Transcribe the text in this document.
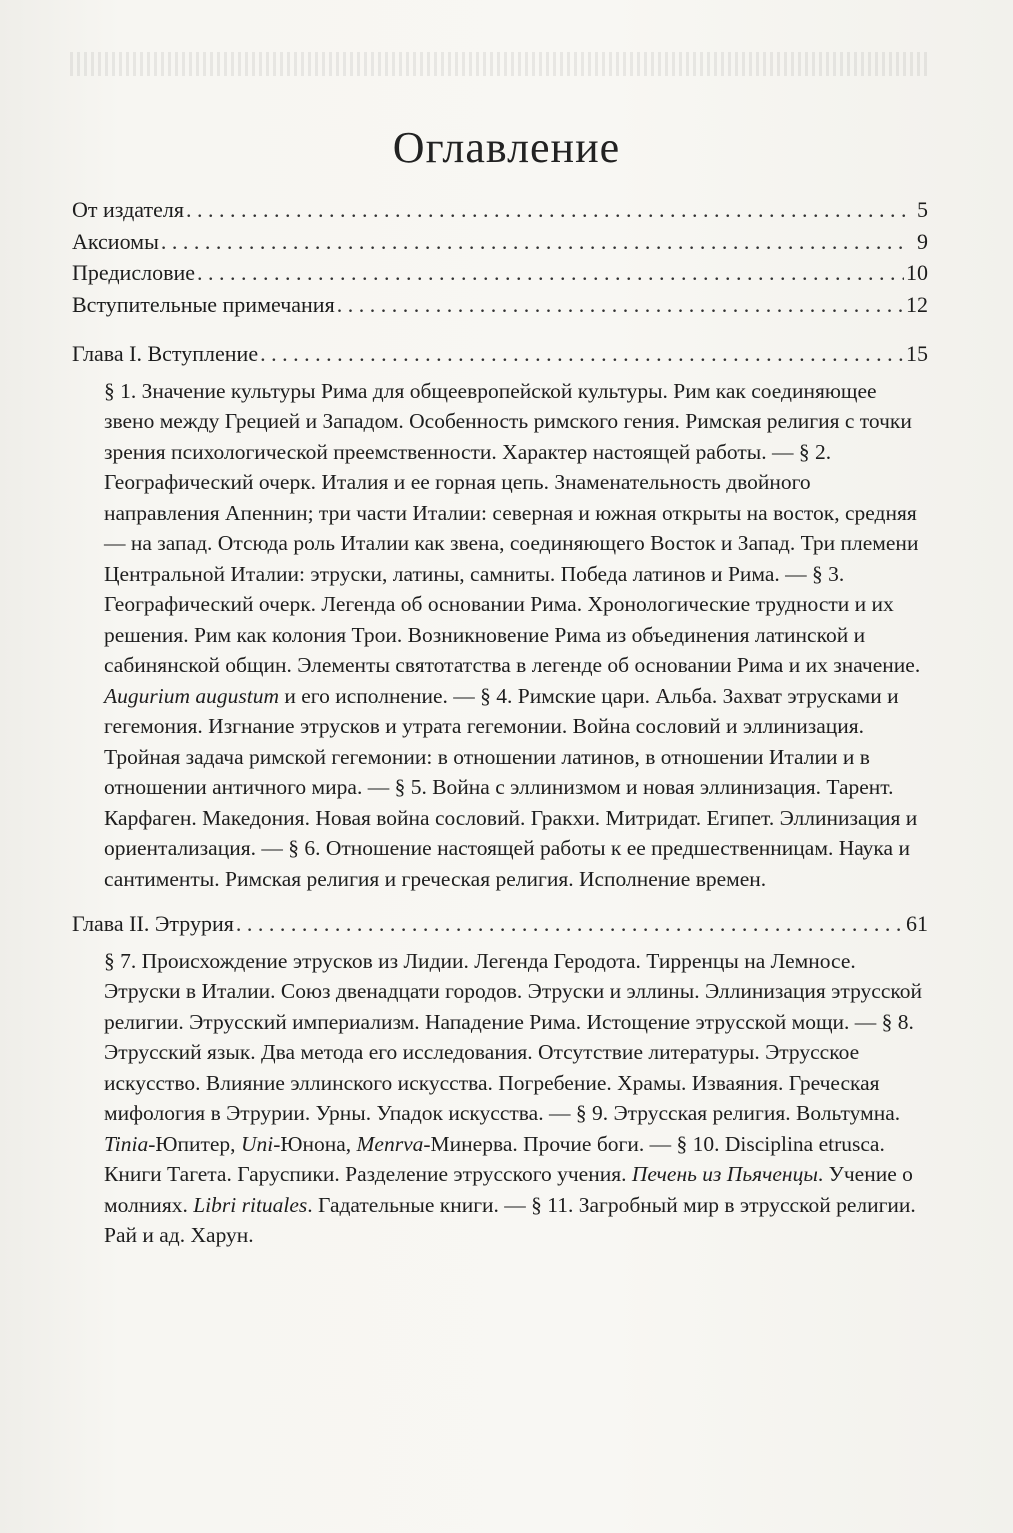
Оглавление
От издателя . . .	5
Аксиомы . . .	9
Предисловие . . .	10
Вступительные примечания . . .	12
Глава I. Вступление . . .	15
§ 1. Значение культуры Рима для общеевропейской культуры. Рим как соединяющее звено между Грецией и Западом. Особенность римского гения. Римская религия с точки зрения психологической преемственности. Характер настоящей работы. — § 2. Географический очерк. Италия и ее горная цепь. Знаменательность двойного направления Апеннин; три части Италии: северная и южная открыты на восток, средняя — на запад. Отсюда роль Италии как звена, соединяющего Восток и Запад. Три племени Центральной Италии: этруски, латины, самниты. Победа латинов и Рима. — § 3. Географический очерк. Легенда об основании Рима. Хронологические трудности и их решения. Рим как колония Трои. Возникновение Рима из объединения латинской и сабинянской общин. Элементы святотатства в легенде об основании Рима и их значение. Augurium augustum и его исполнение. — § 4. Римские цари. Альба. Захват этрусками и гегемония. Изгнание этрусков и утрата гегемонии. Война сословий и эллинизация. Тройная задача римской гегемонии: в отношении латинов, в отношении Италии и в отношении античного мира. — § 5. Война с эллинизмом и новая эллинизация. Тарент. Карфаген. Македония. Новая война сословий. Гракхи. Митридат. Египет. Эллинизация и ориентализация. — § 6. Отношение настоящей работы к ее предшественницам. Наука и сантименты. Римская религия и греческая религия. Исполнение времен.
Глава II. Этрурия . . .	61
§ 7. Происхождение этрусков из Лидии. Легенда Геродота. Тирренцы на Лемносе. Этруски в Италии. Союз двенадцати городов. Этруски и эллины. Эллинизация этрусской религии. Этрусский империализм. Нападение Рима. Истощение этрусской мощи. — § 8. Этрусский язык. Два метода его исследования. Отсутствие литературы. Этрусское искусство. Влияние эллинского искусства. Погребение. Храмы. Изваяния. Греческая мифология в Этрурии. Урны. Упадок искусства. — § 9. Этрусская религия. Вольтумна. Tinia-Юпитер, Uni-Юнона, Menrva-Минерва. Прочие боги. — § 10. Disciplina etrusca. Книги Тагета. Гаруспики. Разделение этрусского учения. Печень из Пьяченцы. Учение о молниях. Libri rituales. Гадательные книги. — § 11. Загробный мир в этрусской религии. Рай и ад. Харун.
